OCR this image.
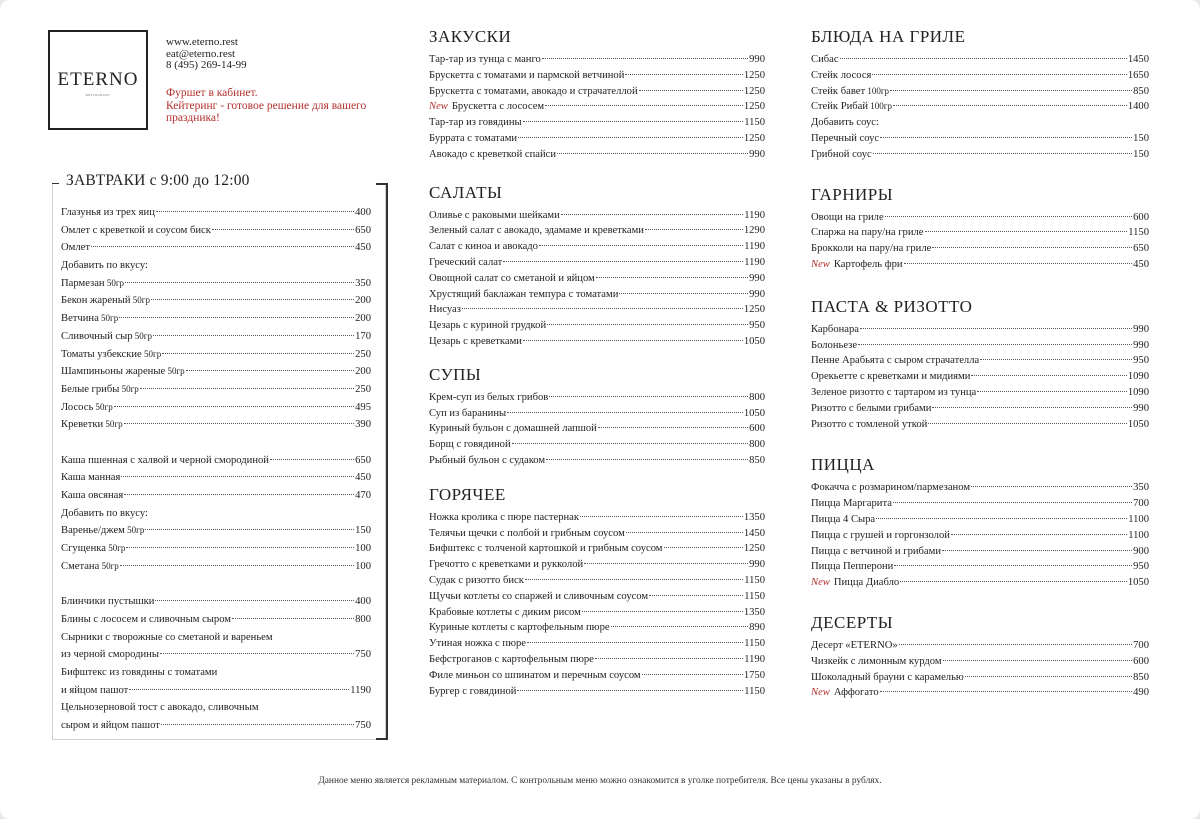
ETERNO
RESTAURANT
www.eterno.rest
eat@eterno.rest
8 (495) 269-14-99
Фуршет в кабинет.
Кейтеринг - готовое решение для вашего
праздника!
ЗАВТРАКИ с 9:00 до 12:00
Глазунья из трех яиц	400
Омлет с креветкой и соусом биск	650
Омлет	450
Добавить по вкусу:
Пармезан 50гр	350
Бекон жареный 50гр	200
Ветчина 50гр	200
Сливочный сыр 50гр	170
Томаты узбекские 50гр	250
Шампиньоны жареные 50гр	200
Белые грибы 50гр	250
Лосось 50гр	495
Креветки 50гр	390
Каша пшенная с халвой и черной смородиной	650
Каша манная	450
Каша овсяная	470
Добавить по вкусу:
Варенье/джем 50гр	150
Сгущенка 50гр	100
Сметана 50гр	100
Блинчики пустышки	400
Блины с лососем и сливочным сыром	800
Сырники с творожные со сметаной и вареньем
из черной смородины	750
Бифштекс из говядины с томатами
и яйцом пашот	1190
Цельнозерновой тост с авокадо, сливочным
сыром и яйцом пашот	750
ЗАКУСКИ
Тар-тар из тунца с манго	990
Брускетта с томатами и пармской ветчиной	1250
Брускетта с томатами, авокадо и страчателлой	1250
New Брускетта с лососем	1250
Тар-тар из говядины	1150
Буррата с томатами	1250
Авокадо с креветкой спайси	990
САЛАТЫ
Оливье с раковыми шейками	1190
Зеленый салат с авокадо, эдамаме и креветками	1290
Салат с киноа и авокадо	1190
Греческий салат	1190
Овощной салат со сметаной и яйцом	990
Хрустящий баклажан темпура с томатами	990
Нисуаз	1250
Цезарь с куриной грудкой	950
Цезарь с креветками	1050
СУПЫ
Крем-суп из белых грибов	800
Суп из баранины	1050
Куриный бульон с домашней лапшой	600
Борщ с говядиной	800
Рыбный бульон с судаком	850
ГОРЯЧЕЕ
Ножка кролика с пюре пастернак	1350
Телячьи щечки с полбой и грибным соусом	1450
Бифштекс с толченой картошкой и грибным соусом	1250
Гречотто с креветками и рукколой	990
Судак с ризотто биск	1150
Щучьи котлеты со спаржей и сливочным соусом	1150
Крабовые котлеты с диким рисом	1350
Куриные котлеты с картофельным пюре	890
Утиная ножка с пюре	1150
Бефстроганов с картофельным пюре	1190
Филе миньон со шпинатом и перечным соусом	1750
Бургер с говядиной	1150
БЛЮДА НА ГРИЛЕ
Сибас	1450
Стейк лосося	1650
Стейк бавет 100гр	850
Стейк Рибай 100гр	1400
Добавить соус:
Перечный соус	150
Грибной соус	150
ГАРНИРЫ
Овощи на гриле	600
Спаржа на пару/на гриле	1150
Брокколи на пару/на гриле	650
New Картофель фри	450
ПАСТА & РИЗОТТО
Карбонара	990
Болоньезе	990
Пенне Арабьята с сыром страчателла	950
Орекьетте с креветками и мидиями	1090
Зеленое ризотто с тартаром из тунца	1090
Ризотто с белыми грибами	990
Ризотто с томленой уткой	1050
ПИЦЦА
Фокачча с розмарином/пармезаном	350
Пицца Маргарита	700
Пицца 4 Сыра	1100
Пицца с грушей и горгонзолой	1100
Пицца с ветчиной и грибами	900
Пицца Пепперони	950
New Пицца Диабло	1050
ДЕСЕРТЫ
Десерт «ETERNO»	700
Чизкейк с лимонным курдом	600
Шоколадный брауни с карамелью	850
New Аффогато	490
Данное меню является рекламным материалом. С контрольным меню можно ознакомится в уголке потребителя. Все цены указаны в рублях.
